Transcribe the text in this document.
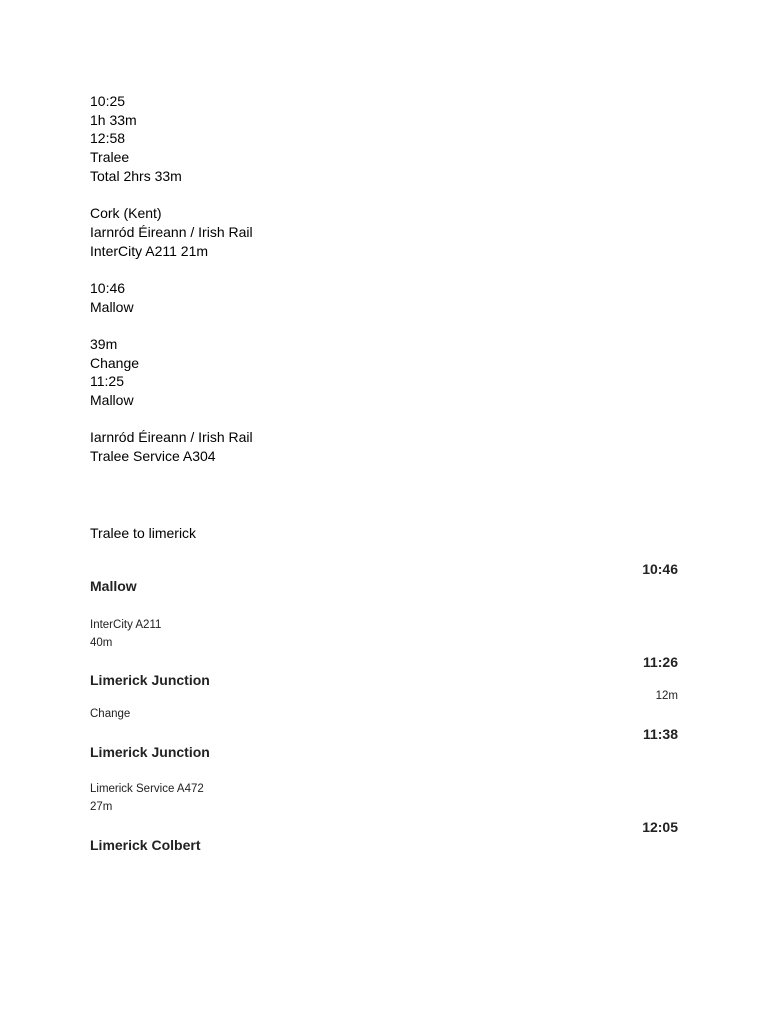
10:25
1h 33m
12:58
Tralee
Total 2hrs 33m
Cork (Kent)
Iarnród Éireann / Irish Rail
InterCity A211 21m
10:46
Mallow
39m
Change
11:25
Mallow
Iarnród Éireann / Irish Rail
Tralee Service A304
Tralee to limerick
10:46
Mallow
InterCity A211
40m
11:26
Limerick Junction
12m
Change
11:38
Limerick Junction
Limerick Service A472
27m
12:05
Limerick Colbert
